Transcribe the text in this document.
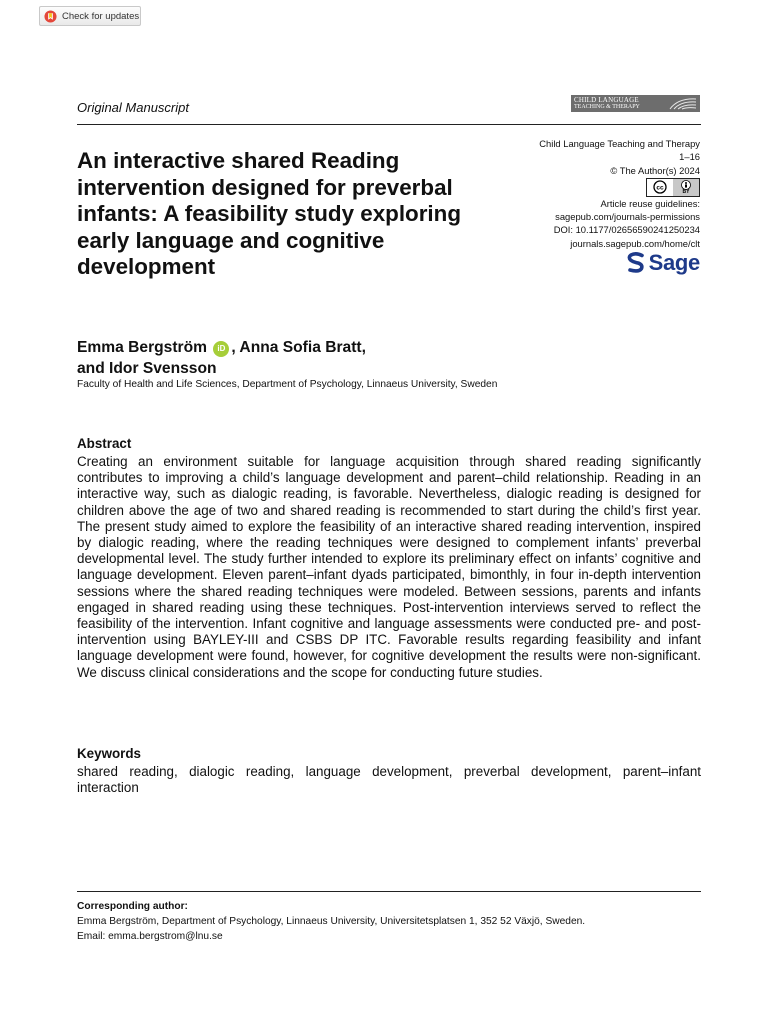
Check for updates
Original Manuscript	CHILD LANGUAGE
TEACHING & THERAPY
An interactive shared Reading intervention designed for preverbal infants: A feasibility study exploring early language and cognitive development
Child Language Teaching and Therapy
1–16
© The Author(s) 2024
cc	BY
Article reuse guidelines:
sagepub.com/journals-permissions
DOI: 10.1177/02656590241250234
journals.sagepub.com/home/clt
Sage
Emma Bergström iD , Anna Sofia Bratt,
and Idor Svensson
Faculty of Health and Life Sciences, Department of Psychology, Linnaeus University, Sweden
Abstract

Creating an environment suitable for language acquisition through shared reading significantly contributes to improving a child’s language development and parent–child relationship. Reading in an interactive way, such as dialogic reading, is favorable. Nevertheless, dialogic reading is designed for children above the age of two and shared reading is recommended to start during the child’s first year. The present study aimed to explore the feasibility of an interactive shared reading intervention, inspired by dialogic reading, where the reading techniques were designed to complement infants’ preverbal developmental level. The study further intended to explore its preliminary effect on infants’ cognitive and language development. Eleven parent–infant dyads participated, bimonthly, in four in-depth intervention sessions where the shared reading techniques were modeled. Between sessions, parents and infants engaged in shared reading using these techniques. Post-intervention interviews served to reflect the feasibility of the intervention. Infant cognitive and language assessments were conducted pre- and post-intervention using BAYLEY-III and CSBS DP ITC. Favorable results regarding feasibility and infant language development were found, however, for cognitive development the results were non-significant. We discuss clinical considerations and the scope for conducting future studies.

Keywords

shared reading, dialogic reading, language development, preverbal development, parent–infant interaction

Corresponding author:
Emma Bergström, Department of Psychology, Linnaeus University, Universitetsplatsen 1, 352 52 Växjö, Sweden.
Email: emma.bergstrom@lnu.se
